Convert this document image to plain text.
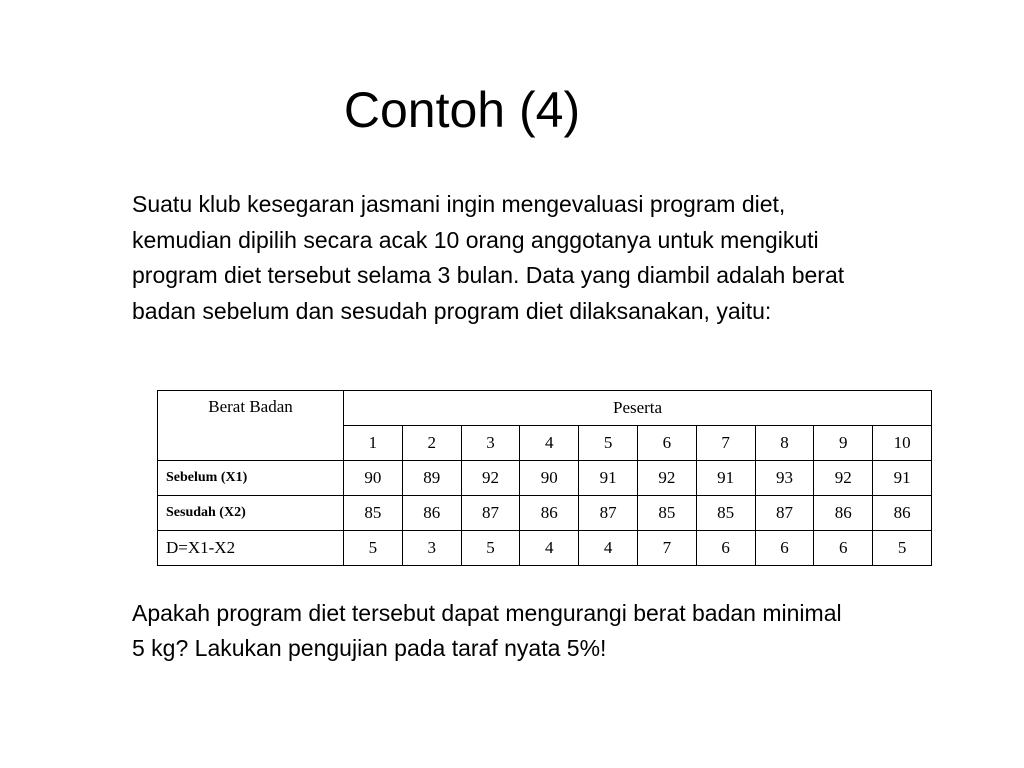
Contoh (4)
Suatu klub kesegaran jasmani ingin mengevaluasi program diet,
kemudian dipilih secara acak 10 orang anggotanya untuk mengikuti
program diet tersebut selama 3 bulan. Data yang diambil adalah berat
badan sebelum dan sesudah program diet dilaksanakan, yaitu:
Berat Badan	Peserta									
	1	2	3	4	5	6	7	8	9	10
Sebelum (X1)	90	89	92	90	91	92	91	93	92	91
Sesudah (X2)	85	86	87	86	87	85	85	87	86	86
D=X1-X2	5	3	5	4	4	7	6	6	6	5
Apakah program diet tersebut dapat mengurangi berat badan minimal
5 kg? Lakukan pengujian pada taraf nyata 5%!
